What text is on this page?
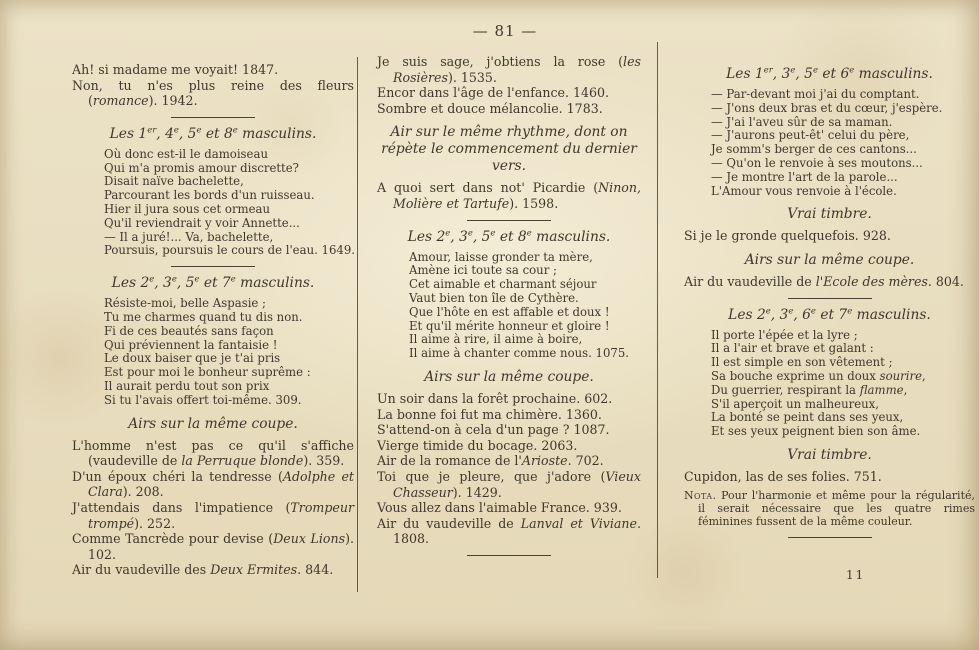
— 81 —
Ah! si madame me voyait! 1847.
Non, tu n'es plus reine des fleurs (romance). 1942.
Les 1er, 4e, 5e et 8e masculins.
Où donc est-il le damoiseau
Qui m'a promis amour discrette?
Disait naïve bachelette,
Parcourant les bords d'un ruisseau.
Hier il jura sous cet ormeau
Qu'il reviendrait y voir Annette...
— Il a juré!... Va, bachelette,
Poursuis, poursuis le cours de l'eau. 1649.
Les 2e, 3e, 5e et 7e masculins.
Résiste-moi, belle Aspasie ;
Tu me charmes quand tu dis non.
Fi de ces beautés sans façon
Qui préviennent la fantaisie !
Le doux baiser que je t'ai pris
Est pour moi le bonheur suprême :
Il aurait perdu tout son prix
Si tu l'avais offert toi-même. 309.
Airs sur la même coupe.
L'homme n'est pas ce qu'il s'affiche (vaudeville de la Perruque blonde). 359.
D'un époux chéri la tendresse (Adolphe et Clara). 208.
J'attendais dans l'impatience (Trompeur trompé). 252.
Comme Tancrède pour devise (Deux Lions). 102.
Air du vaudeville des Deux Ermites. 844.
Je suis sage, j'obtiens la rose (les Rosières). 1535.
Encor dans l'âge de l'enfance. 1460.
Sombre et douce mélancolie. 1783.
Air sur le même rhythme, dont on répète le commencement du dernier vers.
A quoi sert dans not' Picardie (Ninon, Molière et Tartufe). 1598.
Les 2e, 3e, 5e et 8e masculins.
Amour, laisse gronder ta mère,
Amène ici toute sa cour ;
Cet aimable et charmant séjour
Vaut bien ton île de Cythère.
Que l'hôte en est affable et doux !
Et qu'il mérite honneur et gloire !
Il aime à rire, il aime à boire,
Il aime à chanter comme nous. 1075.
Airs sur la même coupe.
Un soir dans la forêt prochaine. 602.
La bonne foi fut ma chimère. 1360.
S'attend-on à cela d'un page ? 1087.
Vierge timide du bocage. 2063.
Air de la romance de l'Arioste. 702.
Toi que je pleure, que j'adore (Vieux Chasseur). 1429.
Vous allez dans l'aimable France. 939.
Air du vaudeville de Lanval et Viviane. 1808.
Les 1er, 3e, 5e et 6e masculins.
— Par-devant moi j'ai du comptant.
— J'ons deux bras et du cœur, j'espère.
— J'ai l'aveu sûr de sa maman.
— J'aurons peut-êt' celui du père,
Je somm's berger de ces cantons...
— Qu'on le renvoie à ses moutons...
— Je montre l'art de la parole...
L'Amour vous renvoie à l'école.
Vrai timbre.
Si je le gronde quelquefois. 928.
Airs sur la même coupe.
Air du vaudeville de l'Ecole des mères. 804.
Les 2e, 3e, 6e et 7e masculins.
Il porte l'épée et la lyre ;
Il a l'air et brave et galant :
Il est simple en son vêtement ;
Sa bouche exprime un doux sourire,
Du guerrier, respirant la flamme,
S'il aperçoit un malheureux,
La bonté se peint dans ses yeux,
Et ses yeux peignent bien son âme.
Vrai timbre.
Cupidon, las de ses folies. 751.
Nota. Pour l'harmonie et même pour la régularité, il serait nécessaire que les quatre rimes féminines fussent de la même couleur.
11
